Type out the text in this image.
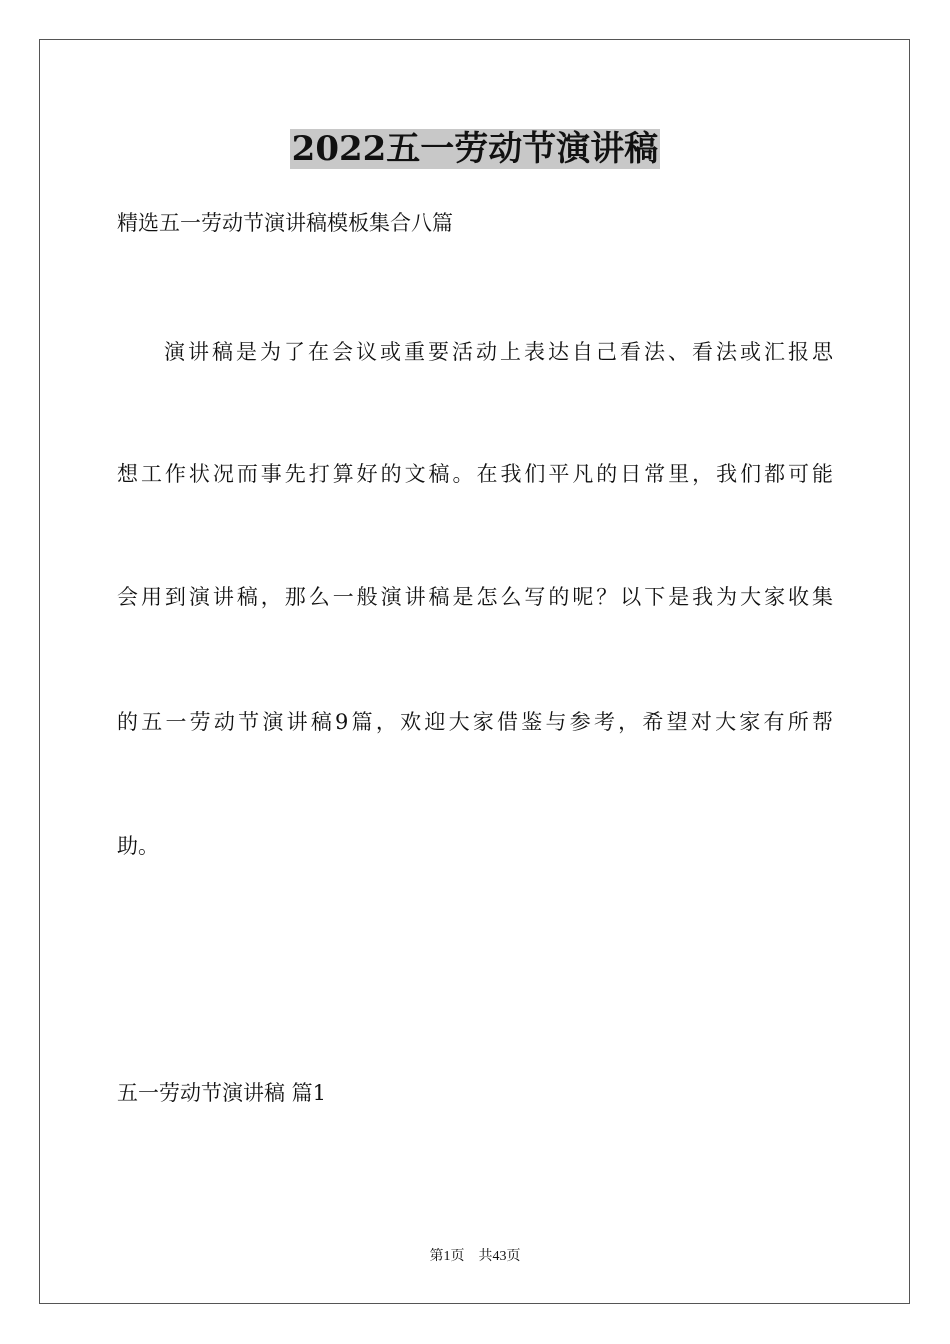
2022五一劳动节演讲稿
精选五一劳动节演讲稿模板集合八篇
演讲稿是为了在会议或重要活动上表达自己看法、看法或汇报思
想工作状况而事先打算好的文稿。在我们平凡的日常里，我们都可能
会用到演讲稿，那么一般演讲稿是怎么写的呢？以下是我为大家收集
的五一劳动节演讲稿9篇，欢迎大家借鉴与参考，希望对大家有所帮
助。
五一劳动节演讲稿 篇1
第1页 共43页
